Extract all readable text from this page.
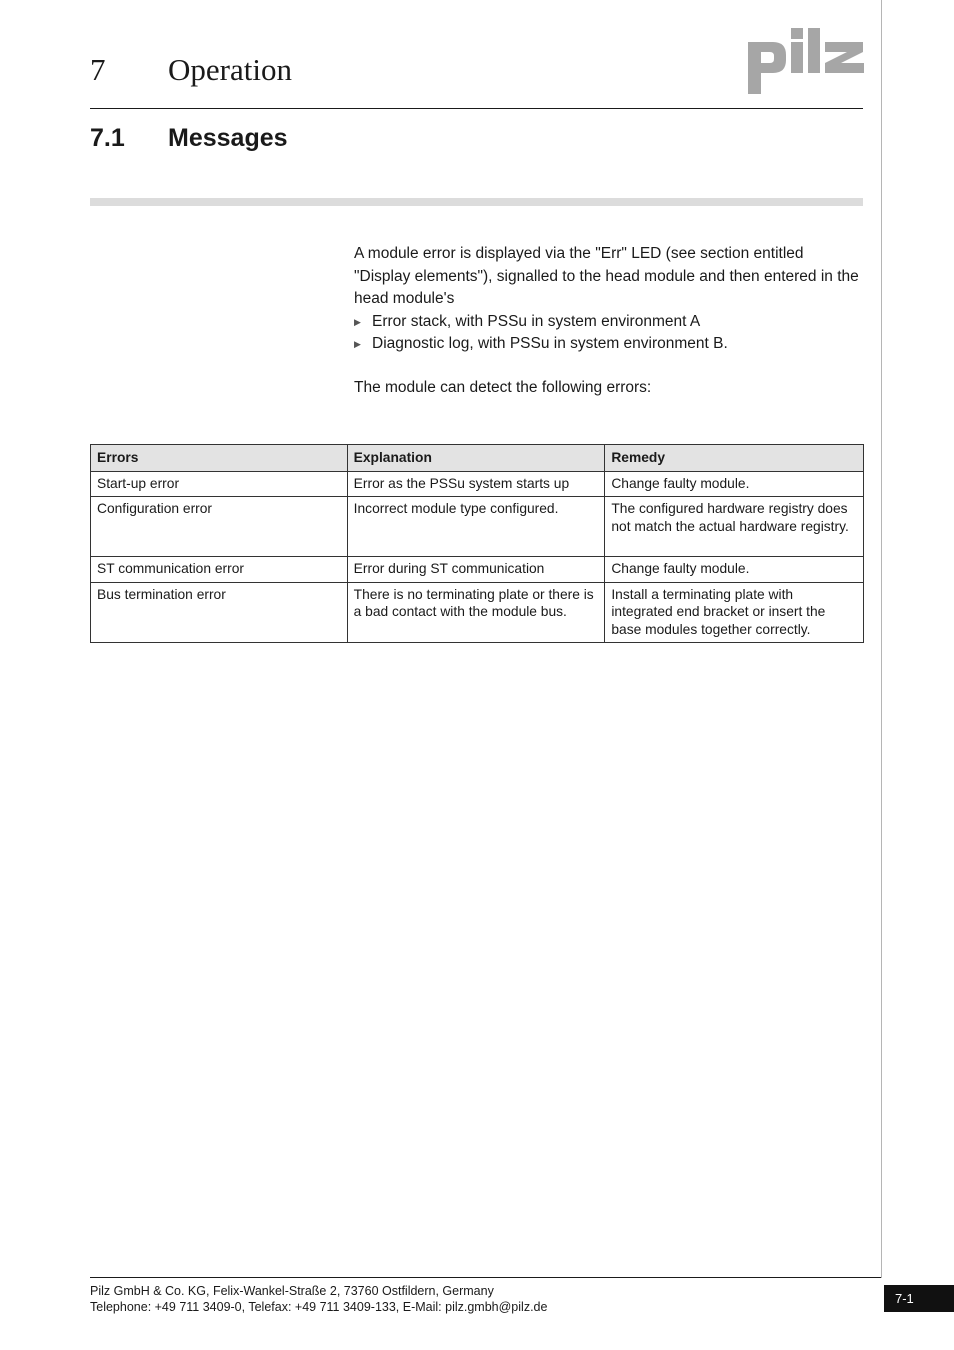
7 Operation
7.1 Messages

A module error is displayed via the "Err" LED (see section entitled "Display elements"), signalled to the head module and then entered in the head module's

▶ Error stack, with PSSu in system environment A
▶ Diagnostic log, with PSSu in system environment B.

The module can detect the following errors:

Errors	Explanation	Remedy
Start-up error	Error as the PSSu system starts up	Change faulty module.
Configuration error	Incorrect module type configured.	The configured hardware registry does not match the actual hardware registry.
ST communication error	Error during ST communication	Change faulty module.
Bus termination error	There is no terminating plate or there is a bad contact with the module bus.	Install a terminating plate with integrated end bracket or insert the base modules together correctly.
Pilz GmbH & Co. KG, Felix-Wankel-Straße 2, 73760 Ostfildern, Germany
Telephone: +49 711 3409-0, Telefax: +49 711 3409-133, E-Mail: pilz.gmbh@pilz.de
7-1
